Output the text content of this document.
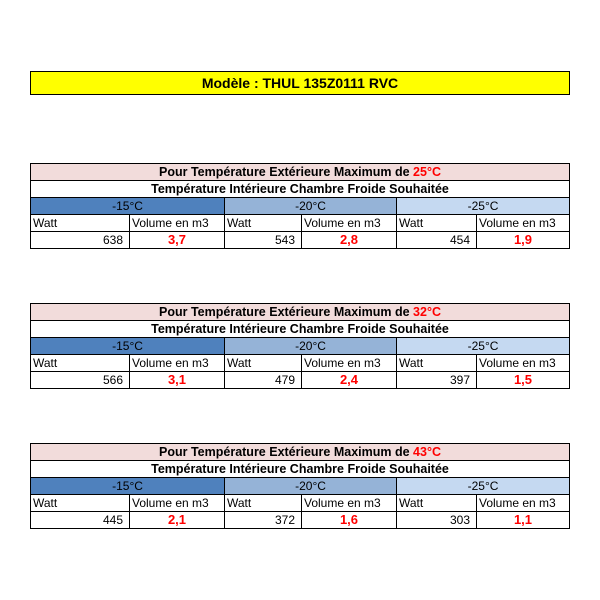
Modèle : THUL 135Z0111 RVC
Pour Température Extérieure Maximum de 25°C					
Température Intérieure Chambre Froide Souhaitée					
-15°C		-20°C		-25°C	
Watt	Volume en m3	Watt	Volume en m3	Watt	Volume en m3
638	3,7	543	2,8	454	1,9
Pour Température Extérieure Maximum de 32°C					
Température Intérieure Chambre Froide Souhaitée					
-15°C		-20°C		-25°C	
Watt	Volume en m3	Watt	Volume en m3	Watt	Volume en m3
566	3,1	479	2,4	397	1,5
Pour Température Extérieure Maximum de 43°C					
Température Intérieure Chambre Froide Souhaitée					
-15°C		-20°C		-25°C	
Watt	Volume en m3	Watt	Volume en m3	Watt	Volume en m3
445	2,1	372	1,6	303	1,1
